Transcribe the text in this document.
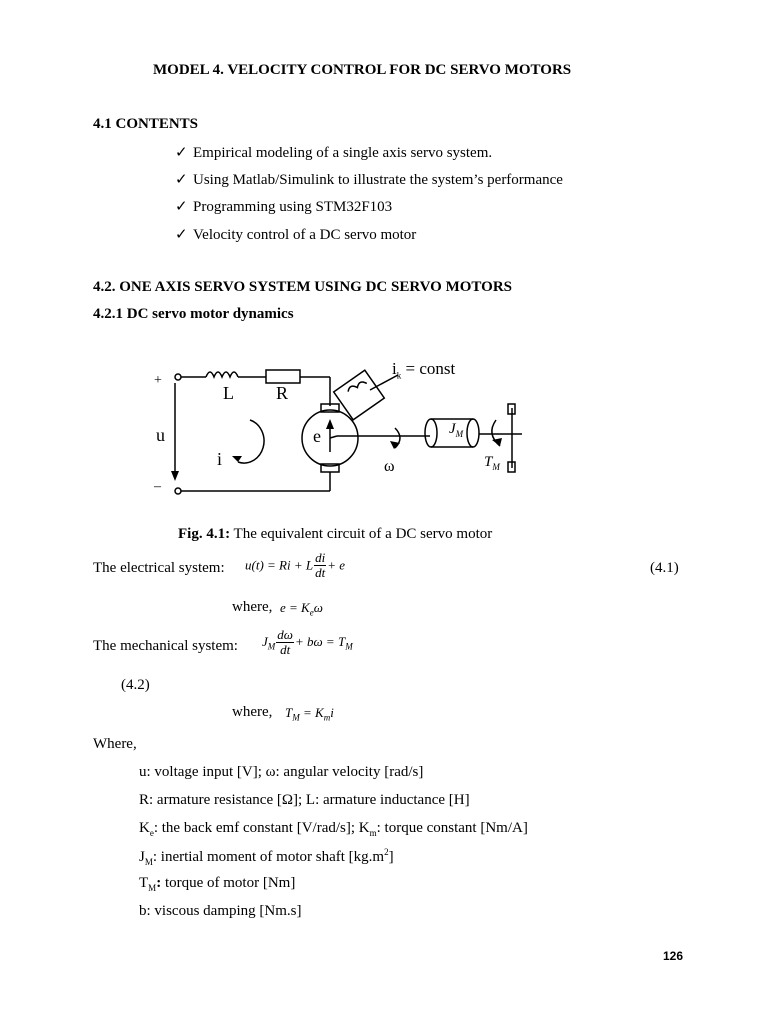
MODEL 4. VELOCITY CONTROL FOR DC SERVO MOTORS
4.1 CONTENTS
✓ Empirical modeling of a single axis servo system.
✓ Using Matlab/Simulink to illustrate the system’s performance
✓ Programming using STM32F103
✓ Velocity control of a DC servo motor
4.2. ONE AXIS SERVO SYSTEM USING DC SERVO MOTORS
4.2.1 DC servo motor dynamics
+
–
u
L R
i
e
$i_k$ = const
ω
$J_M$
$T_M$
Fig. 4.1: The equivalent circuit of a DC servo motor
The electrical system: u(t) = Ri + L $\frac{di}{dt} + e$	(4.1)
where, $e = K_e\omega$
The mechanical system: $J_M \frac{d\omega}{dt} + b\omega = T_M$
(4.2)
where, $T_M = K_mi$
Where,
u: voltage input [V]; ω: angular velocity [rad/s]
R: armature resistance [Ω]; L: armature inductance [H]
$K_e$: the back emf constant [V/rad/s]; $K_m$: torque constant [Nm/A]
$J_M$: inertial moment of motor shaft $[kg.m^2]$
$T_M$: torque of motor [Nm]
b: viscous damping [Nm.s]
126
